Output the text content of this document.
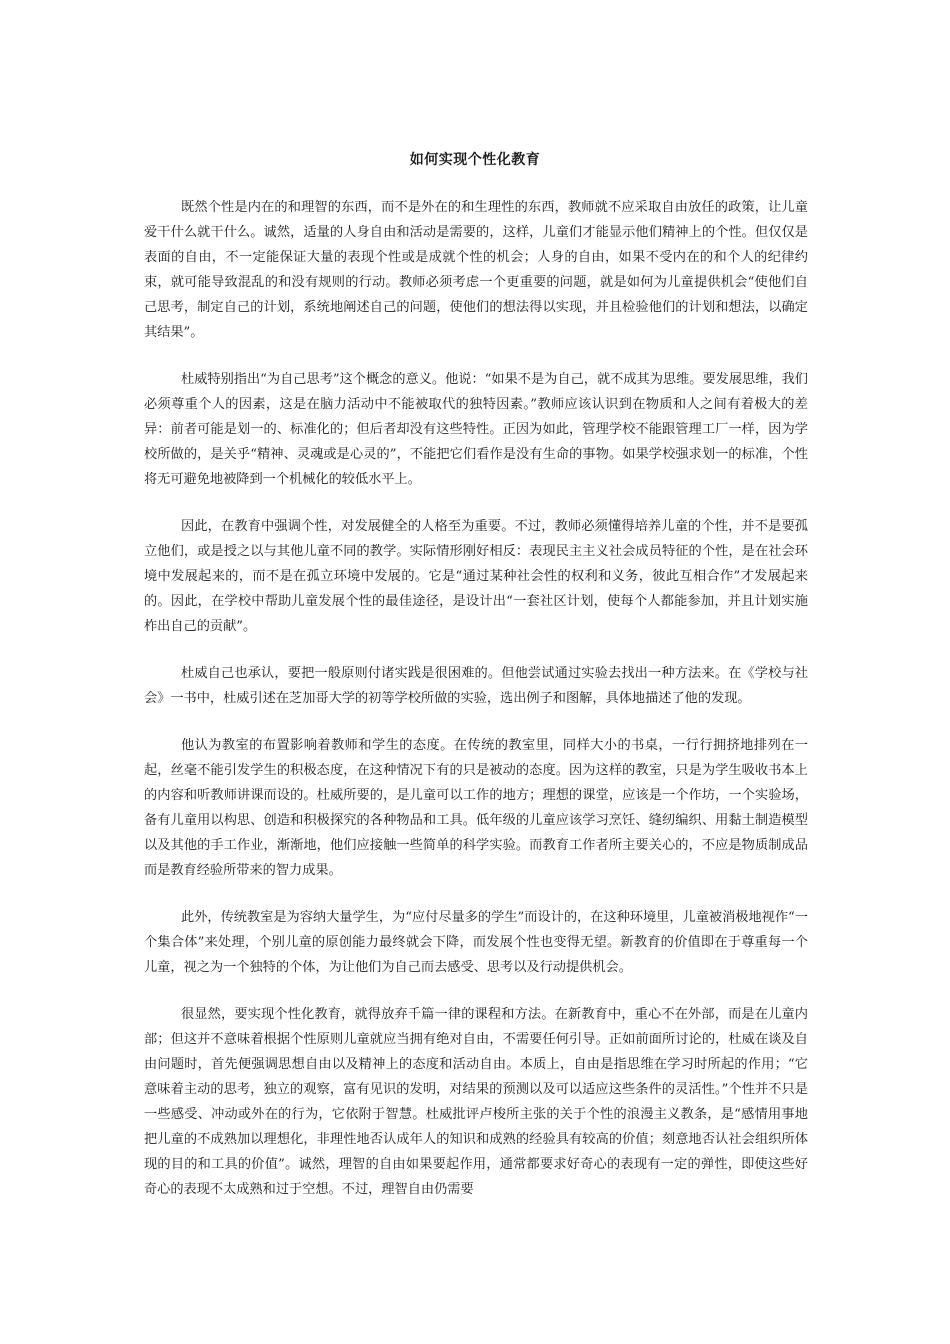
如何实现个性化教育

既然个性是内在的和理智的东西，而不是外在的和生理性的东西，教师就不应采取自由放任的政策，让儿童爱干什么就干什么。诚然，适量的人身自由和活动是需要的，这样，儿童们才能显示他们精神上的个性。但仅仅是表面的自由，不一定能保证大量的表现个性或是成就个性的机会；人身的自由，如果不受内在的和个人的纪律约束，就可能导致混乱的和没有规则的行动。教师必须考虑一个更重要的问题，就是如何为儿童提供机会“使他们自己思考，制定自己的计划，系统地阐述自己的问题，使他们的想法得以实现，并且检验他们的计划和想法，以确定其结果”。

杜威特别指出“为自己思考”这个概念的意义。他说：“如果不是为自己，就不成其为思维。要发展思维，我们必须尊重个人的因素，这是在脑力活动中不能被取代的独特因素。”教师应该认识到在物质和人之间有着极大的差异：前者可能是划一的、标准化的；但后者却没有这些特性。正因为如此，管理学校不能跟管理工厂一样，因为学校所做的，是关乎“精神、灵魂或是心灵的”，不能把它们看作是没有生命的事物。如果学校强求划一的标准，个性将无可避免地被降到一个机械化的较低水平上。

因此，在教育中强调个性，对发展健全的人格至为重要。不过，教师必须懂得培养儿童的个性，并不是要孤立他们，或是授之以与其他儿童不同的教学。实际情形刚好相反：表现民主主义社会成员特征的个性，是在社会环境中发展起来的，而不是在孤立环境中发展的。它是“通过某种社会性的权利和义务，彼此互相合作”才发展起来的。因此，在学校中帮助儿童发展个性的最佳途径，是设计出“一套社区计划，使每个人都能参加，并且计划实施柞出自己的贡献”。

杜威自己也承认，要把一般原则付诸实践是很困难的。但他尝试通过实验去找出一种方法来。在《学校与社会》一书中，杜威引述在芝加哥大学的初等学校所做的实验，选出例子和图解，具体地描述了他的发现。

他认为教室的布置影响着教师和学生的态度。在传统的教室里，同样大小的书桌，一行行拥挤地排列在一起，丝毫不能引发学生的积极态度，在这种情况下有的只是被动的态度。因为这样的教室，只是为学生吸收书本上的内容和听教师讲课而设的。杜威所要的，是儿童可以工作的地方；理想的课堂，应该是一个作坊，一个实验场，备有儿童用以构思、创造和积极探究的各种物品和工具。低年级的儿童应该学习烹饪、缝纫编织、用黏土制造模型以及其他的手工作业，渐渐地，他们应接触一些简单的科学实验。而教育工作者所主要关心的，不应是物质制成品而是教育经验所带来的智力成果。

此外，传统教室是为容纳大量学生，为“应付尽量多的学生”而设计的，在这种环境里，儿童被消极地视作“一个集合体”来处理，个别儿童的原创能力最终就会下降，而发展个性也变得无望。新教育的价值即在于尊重每一个儿童，视之为一个独特的个体，为让他们为自己而去感受、思考以及行动提供机会。

很显然，要实现个性化教育，就得放弃千篇一律的课程和方法。在新教育中，重心不在外部，而是在儿童内部；但这并不意味着根据个性原则儿童就应当拥有绝对自由，不需要任何引导。正如前面所讨论的，杜威在谈及自由问题时，首先便强调思想自由以及精神上的态度和活动自由。本质上，自由是指思维在学习时所起的作用；“它意味着主动的思考，独立的观察，富有见识的发明，对结果的预测以及可以适应这些条件的灵活性。”个性并不只是一些感受、冲动或外在的行为，它依附于智慧。杜威批评卢梭所主张的关于个性的浪漫主义教条，是“感情用事地把儿童的不成熟加以理想化，非理性地否认成年人的知识和成熟的经验具有较高的价值；刻意地否认社会组织所体现的目的和工具的价值”。诚然，理智的自由如果要起作用，通常都要求好奇心的表现有一定的弹性，即使这些好奇心的表现不太成熟和过于空想。不过，理智自由仍需要
